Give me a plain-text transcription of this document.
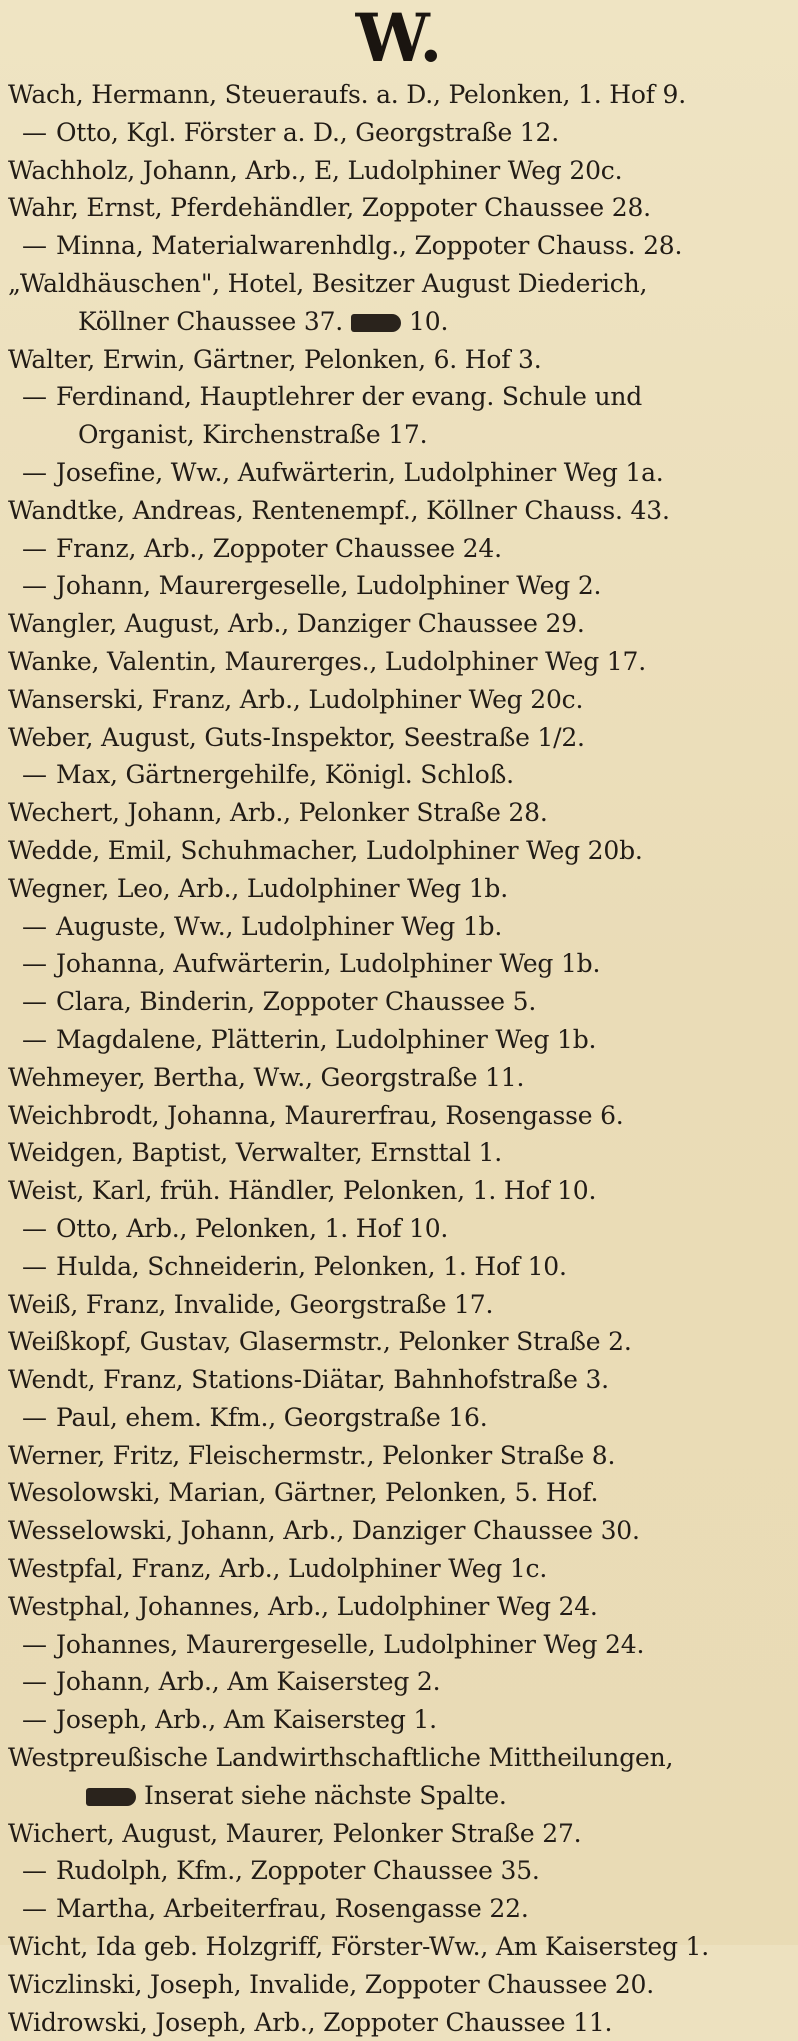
W.
Wach, Hermann, Steueraufs. a. D., Pelonken, 1. Hof 9.
— Otto, Kgl. Förster a. D., Georgstraße 12.
Wachholz, Johann, Arb., E, Ludolphiner Weg 20c.
Wahr, Ernst, Pferdehändler, Zoppoter Chaussee 28.
— Minna, Materialwarenhdlg., Zoppoter Chauss. 28.
„Waldhäuschen", Hotel, Besitzer August Diederich,
Köllner Chaussee 37.	10.
Walter, Erwin, Gärtner, Pelonken, 6. Hof 3.
— Ferdinand, Hauptlehrer der evang. Schule und
Organist, Kirchenstraße 17.
— Josefine, Ww., Aufwärterin, Ludolphiner Weg 1a.
Wandtke, Andreas, Rentenempf., Köllner Chauss. 43.
— Franz, Arb., Zoppoter Chaussee 24.
— Johann, Maurergeselle, Ludolphiner Weg 2.
Wangler, August, Arb., Danziger Chaussee 29.
Wanke, Valentin, Maurerges., Ludolphiner Weg 17.
Wanserski, Franz, Arb., Ludolphiner Weg 20c.
Weber, August, Guts-Inspektor, Seestraße 1/2.
— Max, Gärtnergehilfe, Königl. Schloß.
Wechert, Johann, Arb., Pelonker Straße 28.
Wedde, Emil, Schuhmacher, Ludolphiner Weg 20b.
Wegner, Leo, Arb., Ludolphiner Weg 1b.
— Auguste, Ww., Ludolphiner Weg 1b.
— Johanna, Aufwärterin, Ludolphiner Weg 1b.
— Clara, Binderin, Zoppoter Chaussee 5.
— Magdalene, Plätterin, Ludolphiner Weg 1b.
Wehmeyer, Bertha, Ww., Georgstraße 11.
Weichbrodt, Johanna, Maurerfrau, Rosengasse 6.
Weidgen, Baptist, Verwalter, Ernsttal 1.
Weist, Karl, früh. Händler, Pelonken, 1. Hof 10.
— Otto, Arb., Pelonken, 1. Hof 10.
— Hulda, Schneiderin, Pelonken, 1. Hof 10.
Weiß, Franz, Invalide, Georgstraße 17.
Weißkopf, Gustav, Glasermstr., Pelonker Straße 2.
Wendt, Franz, Stations-Diätar, Bahnhofstraße 3.
— Paul, ehem. Kfm., Georgstraße 16.
Werner, Fritz, Fleischermstr., Pelonker Straße 8.
Wesolowski, Marian, Gärtner, Pelonken, 5. Hof.
Wesselowski, Johann, Arb., Danziger Chaussee 30.
Westpfal, Franz, Arb., Ludolphiner Weg 1c.
Westphal, Johannes, Arb., Ludolphiner Weg 24.
— Johannes, Maurergeselle, Ludolphiner Weg 24.
— Johann, Arb., Am Kaisersteg 2.
— Joseph, Arb., Am Kaisersteg 1.
Westpreußische Landwirthschaftliche Mittheilungen,
Inserat siehe nächste Spalte.
Wichert, August, Maurer, Pelonker Straße 27.
— Rudolph, Kfm., Zoppoter Chaussee 35.
— Martha, Arbeiterfrau, Rosengasse 22.
Wicht, Ida geb. Holzgriff, Förster-Ww., Am Kaisersteg 1.
Wiczlinski, Joseph, Invalide, Zoppoter Chaussee 20.
Widrowski, Joseph, Arb., Zoppoter Chaussee 11.
